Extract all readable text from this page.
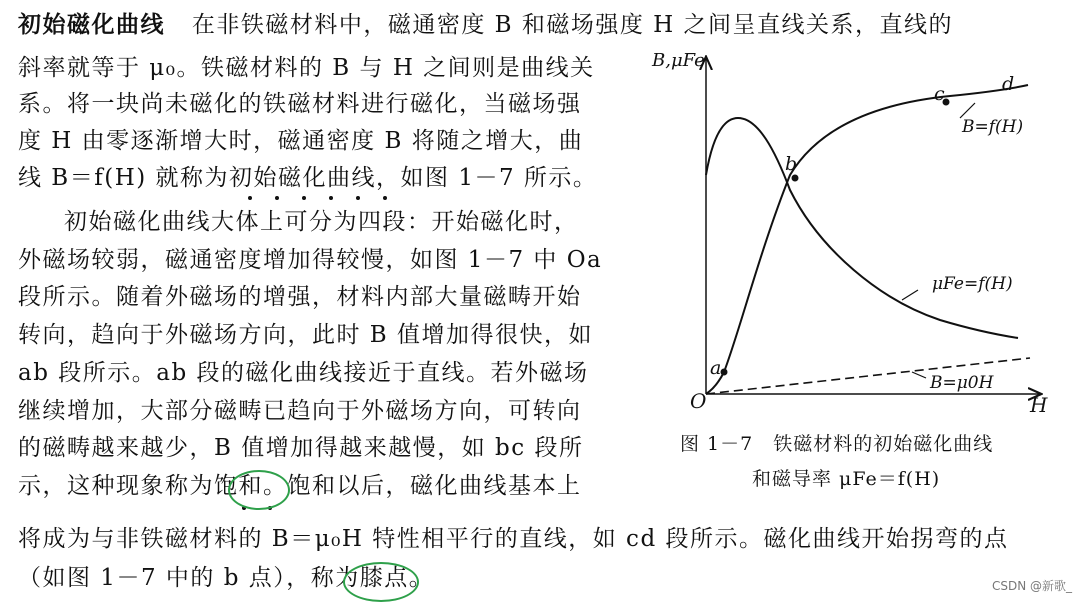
初始磁化曲线 在非铁磁材料中，磁通密度 B 和磁场强度 H 之间呈直线关系，直线的
斜率就等于 μ₀。铁磁材料的 B 与 H 之间则是曲线关
系。将一块尚未磁化的铁磁材料进行磁化，当磁场强
度 H 由零逐渐增大时，磁通密度 B 将随之增大，曲
线 B＝f(H) 就称为初始磁化曲线，如图 1－7 所示。
初始磁化曲线大体上可分为四段：开始磁化时，
外磁场较弱，磁通密度增加得较慢，如图 1－7 中 Oa
段所示。随着外磁场的增强，材料内部大量磁畴开始
转向，趋向于外磁场方向，此时 B 值增加得很快，如
ab 段所示。ab 段的磁化曲线接近于直线。若外磁场
继续增加，大部分磁畴已趋向于外磁场方向，可转向
的磁畴越来越少，B 值增加得越来越慢，如 bc 段所
示，这种现象称为饱和。饱和以后，磁化曲线基本上
将成为与非铁磁材料的 B＝μ₀H 特性相平行的直线，如 cd 段所示。磁化曲线开始拐弯的点
（如图 1－7 中的 b 点），称为膝点。
B,μFe
H
O
a
b
c	d
B=f(H)
μFe=f(H)
B=μ0H
图 1－7　铁磁材料的初始磁化曲线
和磁导率 μFe＝f(H)
CSDN @新歌_
